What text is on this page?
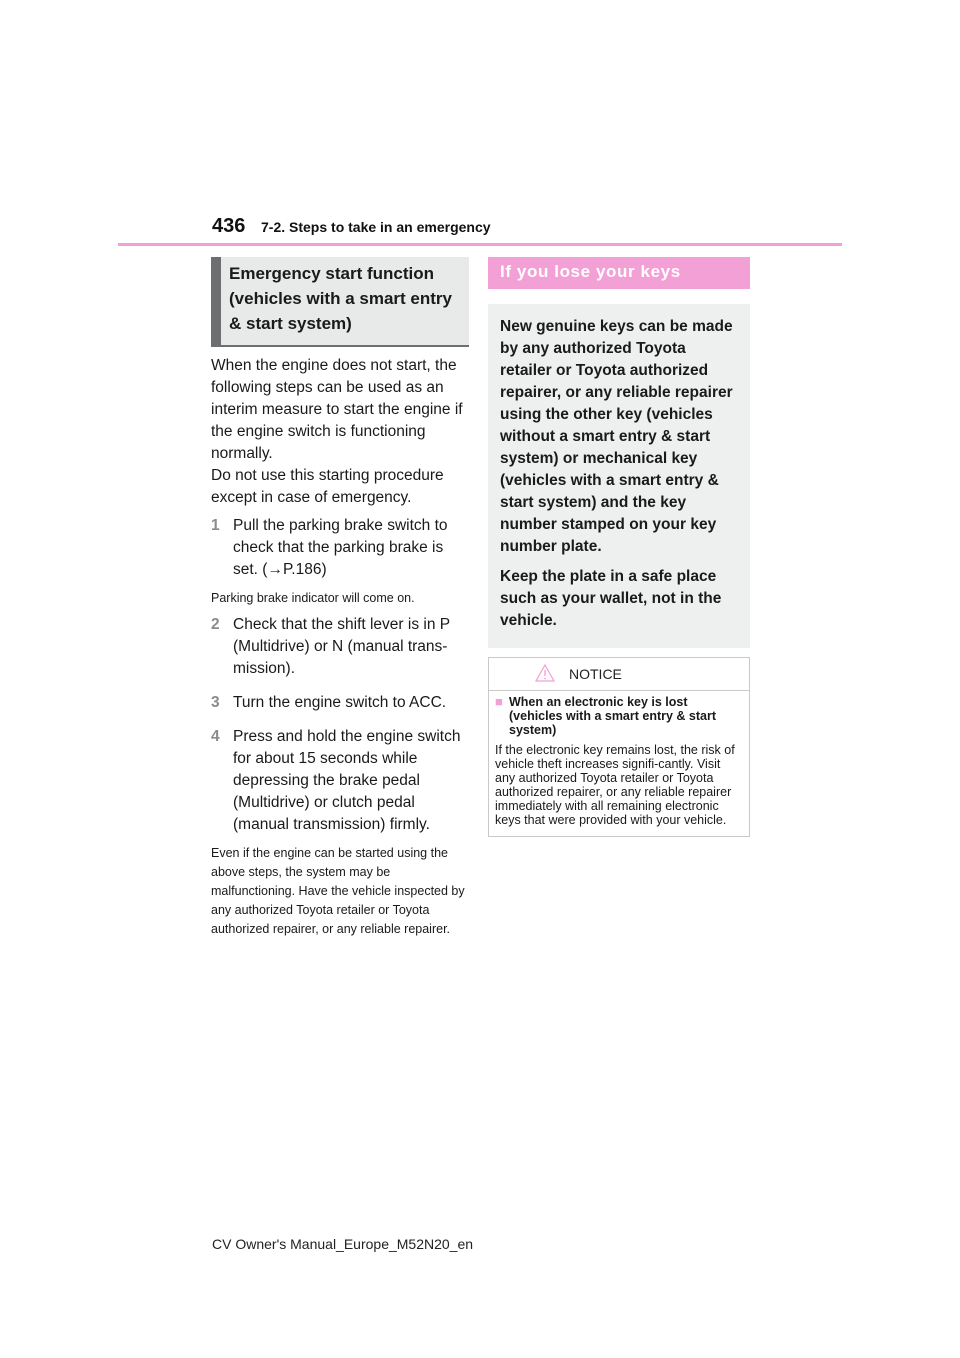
436 7-2. Steps to take in an emergency
Emergency start function (vehicles with a smart entry & start system)

When the engine does not start, the following steps can be used as an interim measure to start the engine if the engine switch is functioning normally.

Do not use this starting procedure except in case of emergency.

1 Pull the parking brake switch to check that the parking brake is set. (→P.186)
Parking brake indicator will come on.
2 Check that the shift lever is in P (Multidrive) or N (manual trans-mission).
3 Turn the engine switch to ACC.
4 Press and hold the engine switch for about 15 seconds while depressing the brake pedal (Multidrive) or clutch pedal (manual transmission) firmly.
Even if the engine can be started using the above steps, the system may be malfunctioning. Have the vehicle inspected by any authorized Toyota retailer or Toyota authorized repairer, or any reliable repairer.
If you lose your keys

New genuine keys can be made by any authorized Toyota retailer or Toyota authorized repairer, or any reliable repairer using the other key (vehicles without a smart entry & start system) or mechanical key (vehicles with a smart entry & start system) and the key number stamped on your key number plate.

Keep the plate in a safe place such as your wallet, not in the vehicle.

NOTICE
■ When an electronic key is lost (vehicles with a smart entry & start system)
If the electronic key remains lost, the risk of vehicle theft increases signifi-cantly. Visit any authorized Toyota retailer or Toyota authorized repairer, or any reliable repairer immediately with all remaining electronic keys that were provided with your vehicle.
CV Owner's Manual_Europe_M52N20_en
